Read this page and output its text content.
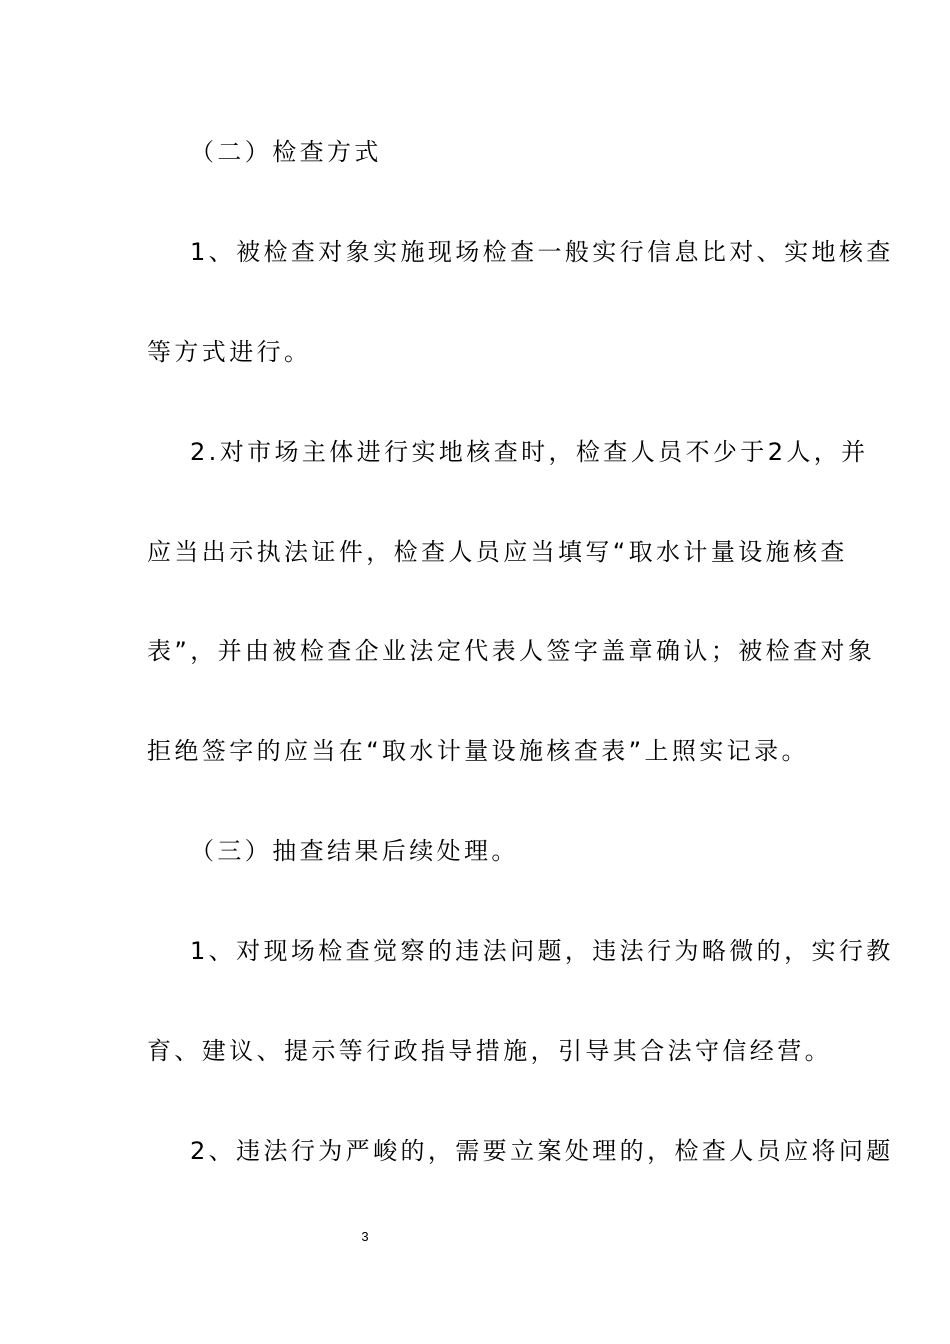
（二）检查方式
1、被检查对象实施现场检查一般实行信息比对、实地核查
等方式进行。
2.对市场主体进行实地核查时，检查人员不少于2人，并
应当出示执法证件，检查人员应当填写“取水计量设施核查
表”，并由被检查企业法定代表人签字盖章确认；被检查对象
拒绝签字的应当在“取水计量设施核查表”上照实记录。
（三）抽查结果后续处理。
1、对现场检查觉察的违法问题，违法行为略微的，实行教
育、建议、提示等行政指导措施，引导其合法守信经营。
2、违法行为严峻的，需要立案处理的，检查人员应将问题
3
